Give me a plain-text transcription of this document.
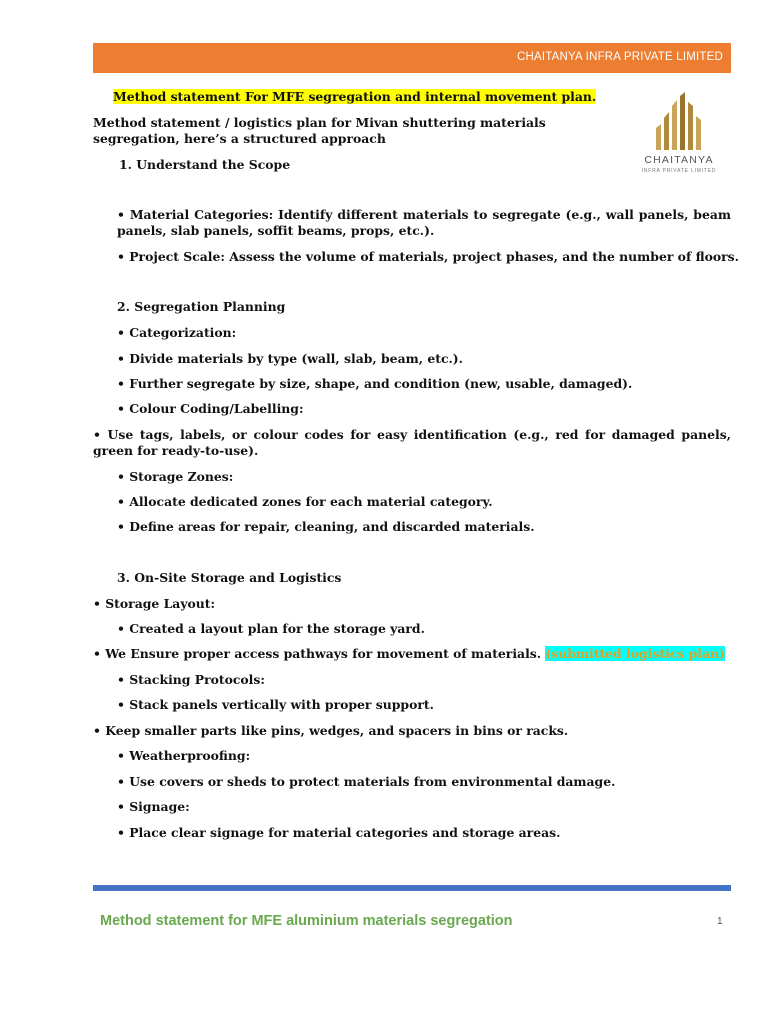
CHAITANYA INFRA PRIVATE LIMITED
CHAITANYA
INFRA PRIVATE LIMITED
Method statement For MFE segregation and internal movement plan.
Method statement / logistics plan for Mivan shuttering materials segregation, here’s a structured approach
1. Understand the Scope
• Material Categories: Identify different materials to segregate (e.g., wall panels, beam panels, slab panels, soffit beams, props, etc.).
• Project Scale: Assess the volume of materials, project phases, and the number of floors.
2. Segregation Planning
• Categorization:
• Divide materials by type (wall, slab, beam, etc.).
• Further segregate by size, shape, and condition (new, usable, damaged).
• Colour Coding/Labelling:
• Use tags, labels, or colour codes for easy identification (e.g., red for damaged panels, green for ready-to-use).
• Storage Zones:
• Allocate dedicated zones for each material category.
• Define areas for repair, cleaning, and discarded materials.
3. On-Site Storage and Logistics
• Storage Layout:
• Created a layout plan for the storage yard.
• We Ensure proper access pathways for movement of materials. (submitted logistics plan)
• Stacking Protocols:
• Stack panels vertically with proper support.
• Keep smaller parts like pins, wedges, and spacers in bins or racks.
• Weatherproofing:
• Use covers or sheds to protect materials from environmental damage.
• Signage:
• Place clear signage for material categories and storage areas.
Method statement for MFE aluminium materials segregation	1
